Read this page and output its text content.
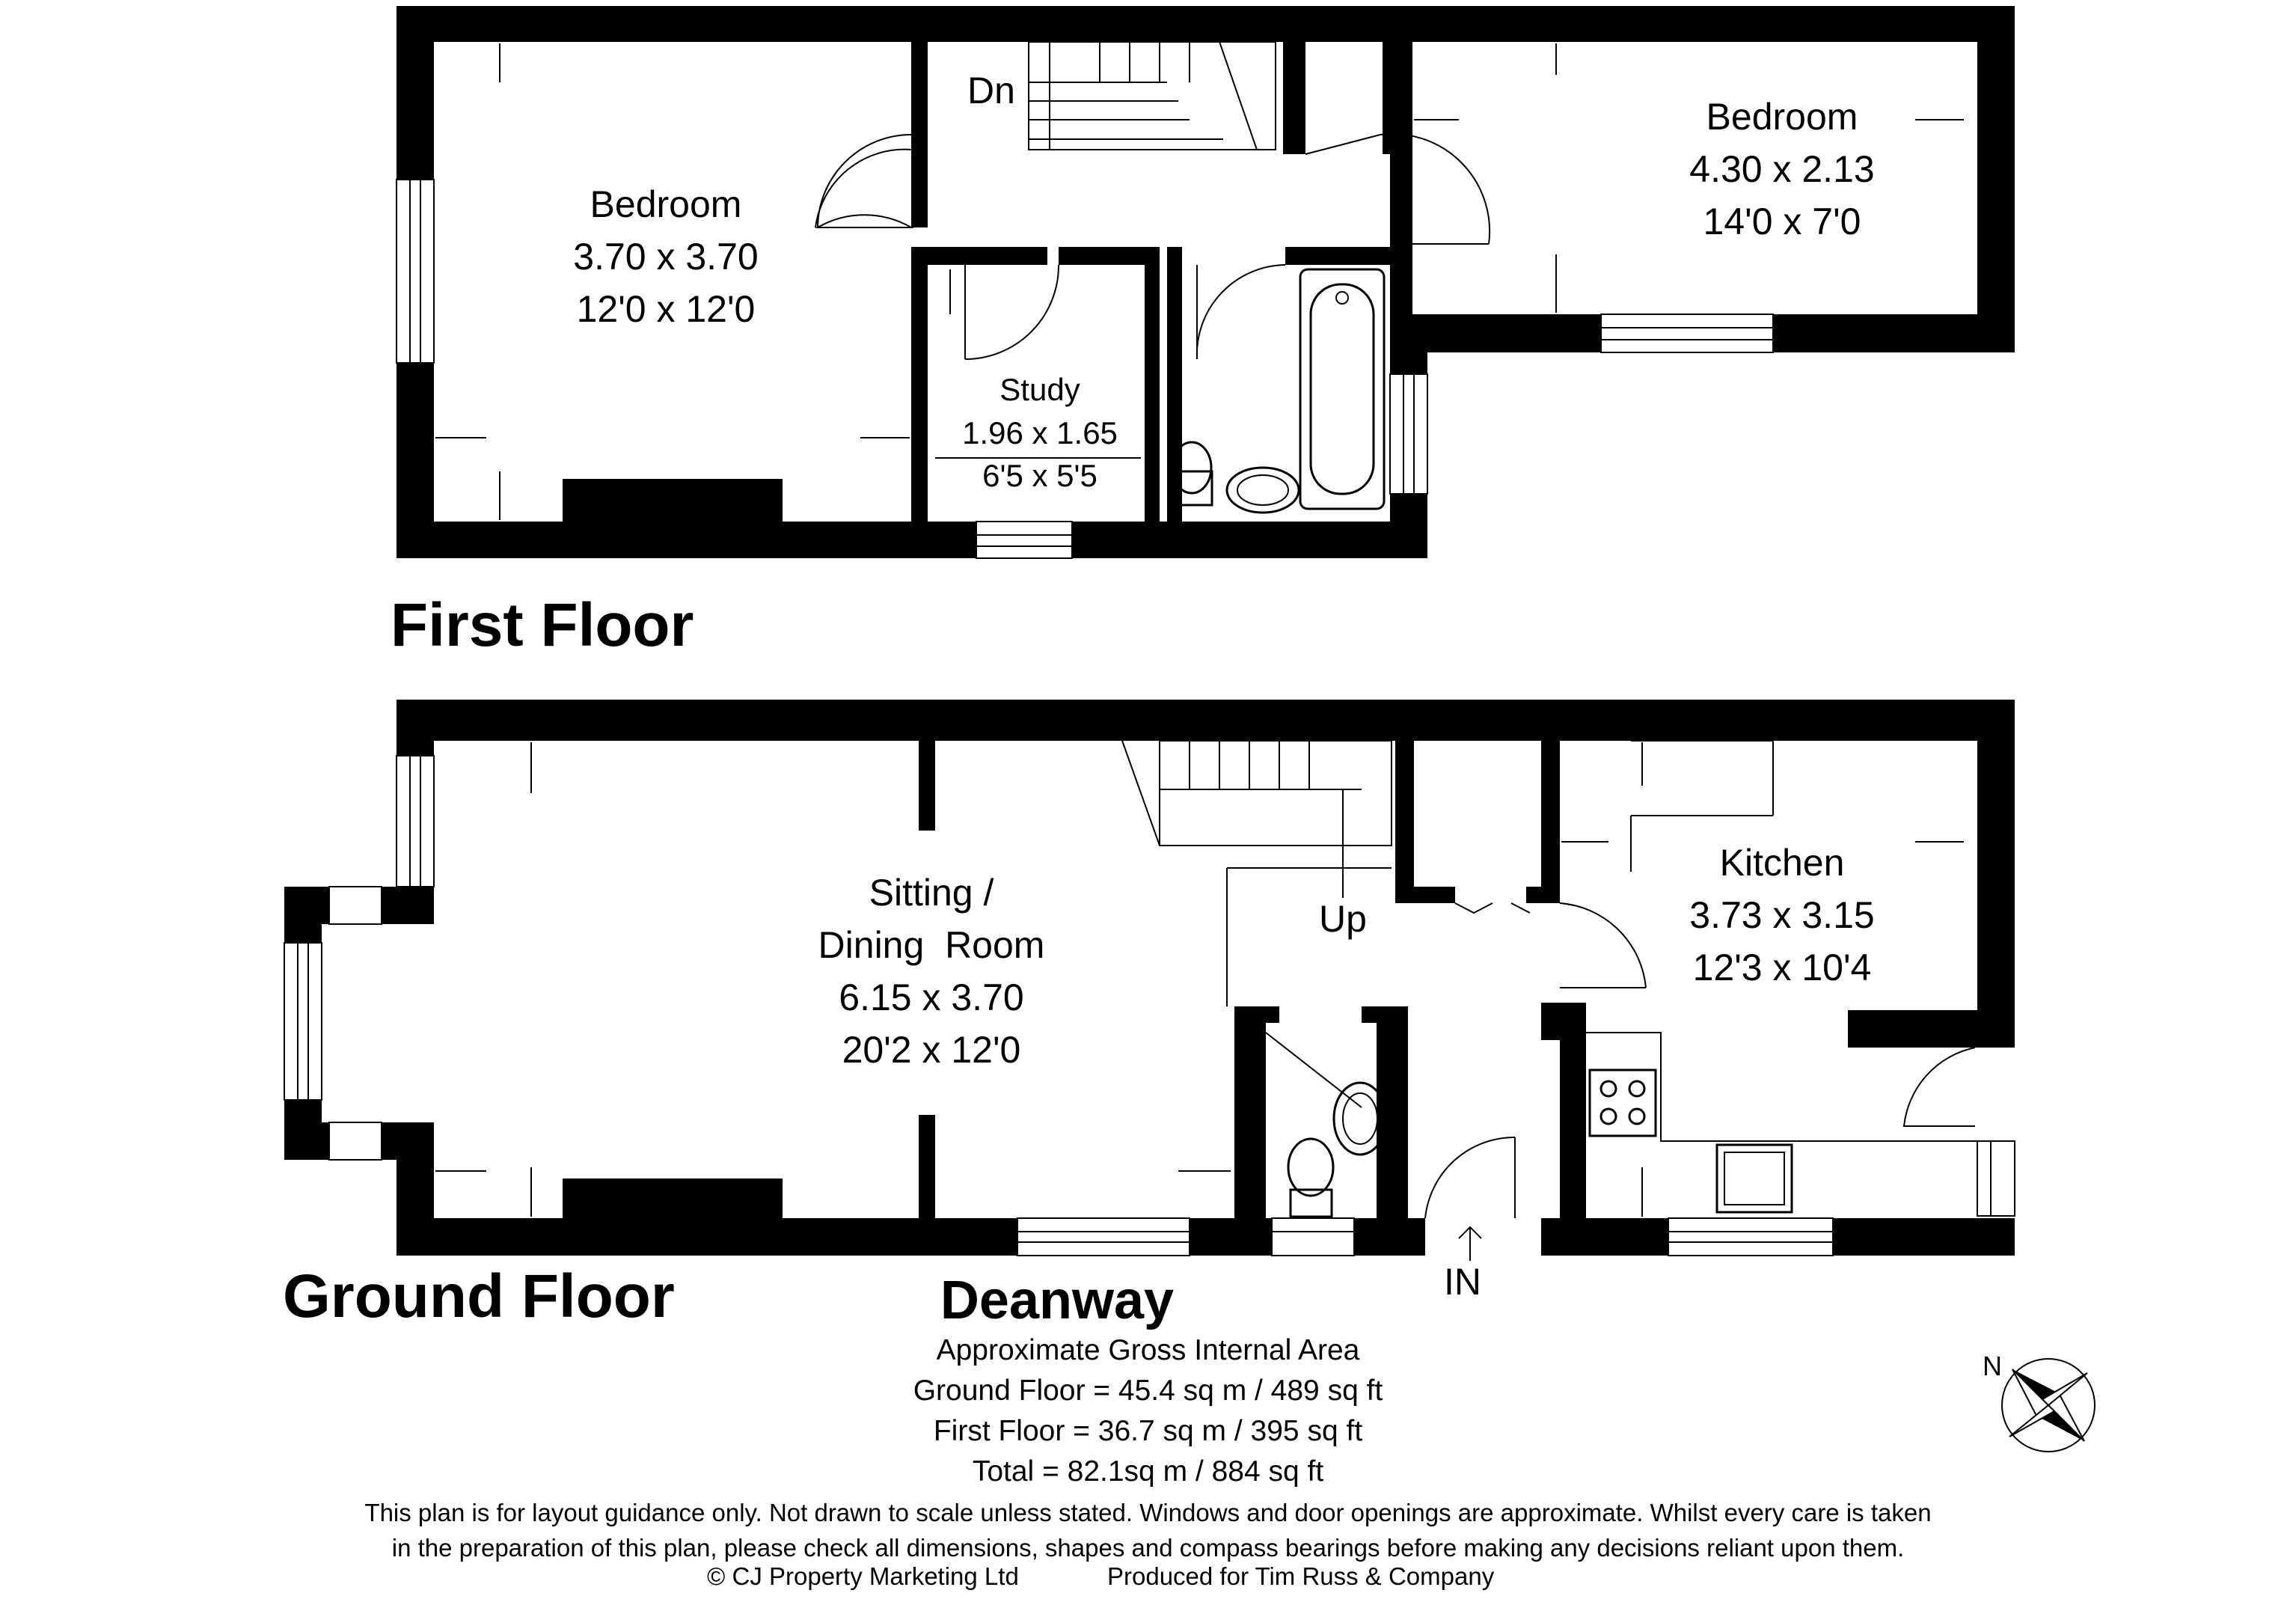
Bedroom
3.70 x 3.70
12'0 x 12'0
Bedroom
4.30 x 2.13
14'0 x 7'0
Study
1.96 x 1.65
6'5 x 5'5
Dn
First Floor
Sitting /
Dining  Room
6.15 x 3.70
20'2 x 12'0
Kitchen
3.73 x 3.15
12'3 x 10'4
Up
IN
Ground Floor	Deanway
N
Approximate Gross Internal Area
Ground Floor = 45.4 sq m / 489 sq ft
First Floor = 36.7 sq m / 395 sq ft
Total = 82.1sq m / 884 sq ft
This plan is for layout guidance only. Not drawn to scale unless stated. Windows and door openings are approximate. Whilst every care is taken
in the preparation of this plan, please check all dimensions, shapes and compass bearings before making any decisions reliant upon them.
© CJ Property Marketing Ltd	Produced for Tim Russ & Company
